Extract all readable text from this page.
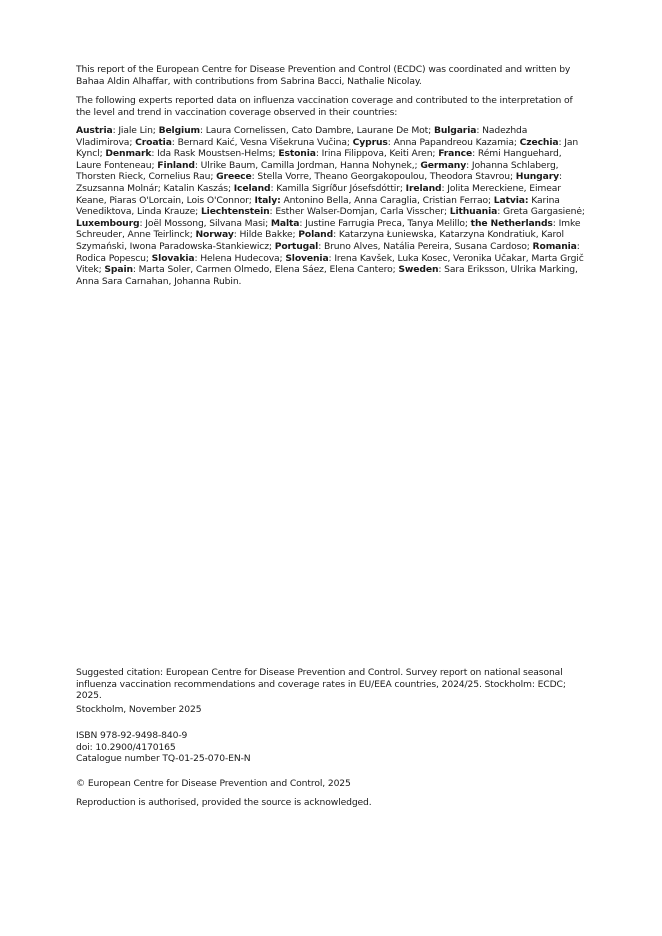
This report of the European Centre for Disease Prevention and Control (ECDC) was coordinated and written by Bahaa Aldin Alhaffar, with contributions from Sabrina Bacci, Nathalie Nicolay.

The following experts reported data on influenza vaccination coverage and contributed to the interpretation of the level and trend in vaccination coverage observed in their countries:

Austria: Jiale Lin; Belgium: Laura Cornelissen, Cato Dambre, Laurane De Mot; Bulgaria: Nadezhda Vladimirova; Croatia: Bernard Kaić, Vesna Višekruna Vučina; Cyprus: Anna Papandreou Kazamia; Czechia: Jan Kyncl; Denmark: Ida Rask Moustsen-Helms; Estonia: Irina Filippova, Keiti Aren; France: Rémi Hanguehard, Laure Fonteneau; Finland: Ulrike Baum, Camilla Jordman, Hanna Nohynek,; Germany: Johanna Schlaberg, Thorsten Rieck, Cornelius Rau; Greece: Stella Vorre, Theano Georgakopoulou, Theodora Stavrou; Hungary: Zsuzsanna Molnár; Katalin Kaszás; Iceland: Kamilla Sigríður Jósefsdóttir; Ireland: Jolita Mereckiene, Eimear Keane, Piaras O'Lorcain, Lois O'Connor; Italy: Antonino Bella, Anna Caraglia, Cristian Ferrao; Latvia: Karina Venediktova, Linda Krauze; Liechtenstein: Esther Walser-Domjan, Carla Visscher; Lithuania: Greta Gargasienė; Luxembourg: Joël Mossong, Silvana Masi; Malta: Justine Farrugia Preca, Tanya Melillo; the Netherlands: Imke Schreuder, Anne Teirlinck; Norway: Hilde Bakke; Poland: Katarzyna Łuniewska, Katarzyna Kondratiuk, Karol Szymański, Iwona Paradowska-Stankiewicz; Portugal: Bruno Alves, Natália Pereira, Susana Cardoso; Romania: Rodica Popescu; Slovakia: Helena Hudecova; Slovenia: Irena Kavšek, Luka Kosec, Veronika Učakar, Marta Grgič Vitek; Spain: Marta Soler, Carmen Olmedo, Elena Sáez, Elena Cantero; Sweden: Sara Eriksson, Ulrika Marking, Anna Sara Carnahan, Johanna Rubin.

Suggested citation: European Centre for Disease Prevention and Control. Survey report on national seasonal influenza vaccination recommendations and coverage rates in EU/EEA countries, 2024/25. Stockholm: ECDC; 2025.

Stockholm, November 2025

ISBN 978-92-9498-840-9
doi: 10.2900/4170165
Catalogue number TQ-01-25-070-EN-N

© European Centre for Disease Prevention and Control, 2025

Reproduction is authorised, provided the source is acknowledged.
